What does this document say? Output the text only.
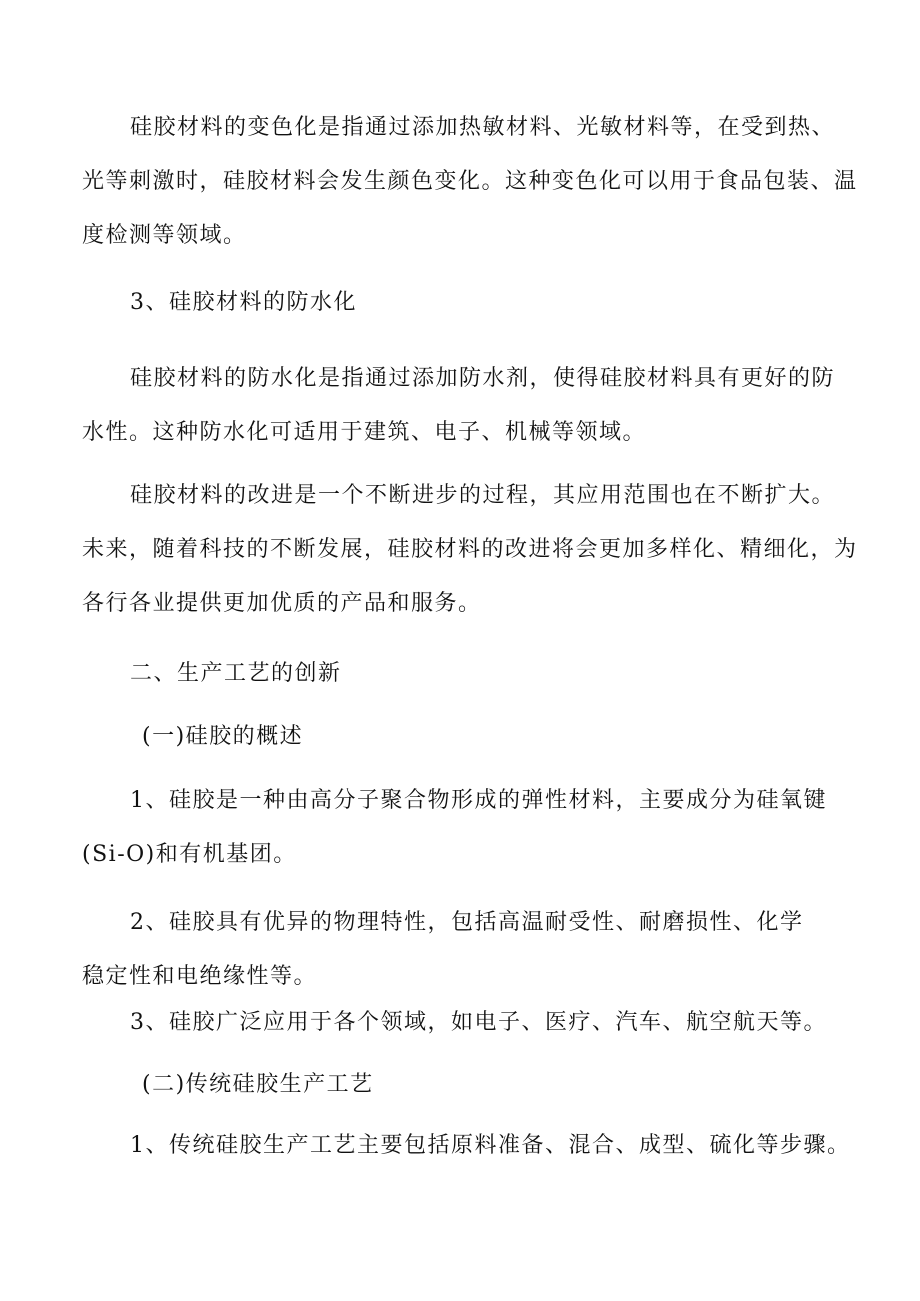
硅胶材料的变色化是指通过添加热敏材料、光敏材料等，在受到热、
光等刺激时，硅胶材料会发生颜色变化。这种变色化可以用于食品包装、温
度检测等领域。
3、硅胶材料的防水化
硅胶材料的防水化是指通过添加防水剂，使得硅胶材料具有更好的防
水性。这种防水化可适用于建筑、电子、机械等领域。
硅胶材料的改进是一个不断进步的过程，其应用范围也在不断扩大。
未来，随着科技的不断发展，硅胶材料的改进将会更加多样化、精细化，为
各行各业提供更加优质的产品和服务。
二、生产工艺的创新
(一)硅胶的概述
1、硅胶是一种由高分子聚合物形成的弹性材料，主要成分为硅氧键
(Si-O)和有机基团。
2、硅胶具有优异的物理特性，包括高温耐受性、耐磨损性、化学
稳定性和电绝缘性等。
3、硅胶广泛应用于各个领域，如电子、医疗、汽车、航空航天等。
(二)传统硅胶生产工艺
1、传统硅胶生产工艺主要包括原料准备、混合、成型、硫化等步骤。
